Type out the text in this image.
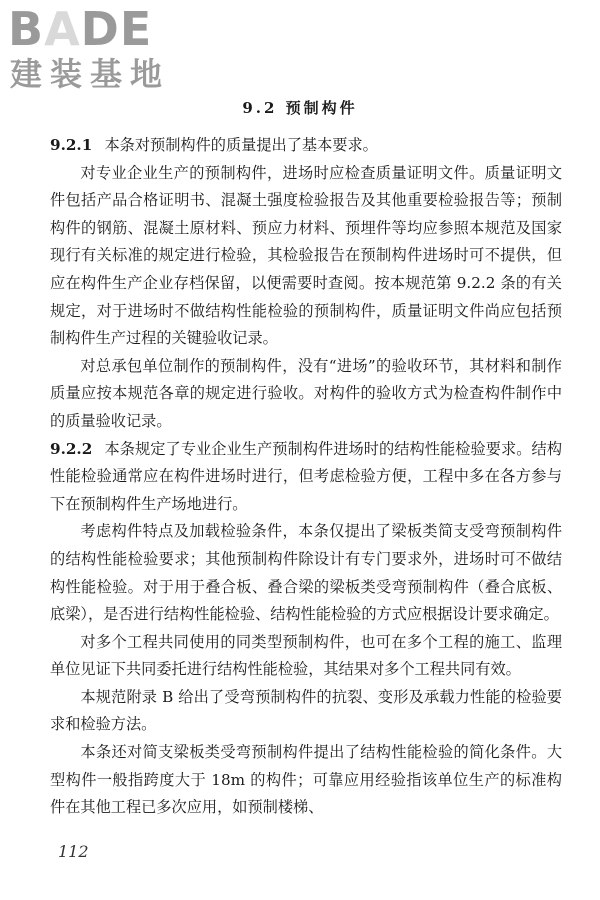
BADE
建装基地
9.2 预制构件

9.2.1 本条对预制构件的质量提出了基本要求。

对专业企业生产的预制构件，进场时应检查质量证明文件。质量证明文件包括产品合格证明书、混凝土强度检验报告及其他重要检验报告等；预制构件的钢筋、混凝土原材料、预应力材料、预埋件等均应参照本规范及国家现行有关标准的规定进行检验，其检验报告在预制构件进场时可不提供，但应在构件生产企业存档保留，以便需要时查阅。按本规范第 9.2.2 条的有关规定，对于进场时不做结构性能检验的预制构件，质量证明文件尚应包括预制构件生产过程的关键验收记录。

对总承包单位制作的预制构件，没有“进场”的验收环节，其材料和制作质量应按本规范各章的规定进行验收。对构件的验收方式为检查构件制作中的质量验收记录。

9.2.2 本条规定了专业企业生产预制构件进场时的结构性能检验要求。结构性能检验通常应在构件进场时进行，但考虑检验方便，工程中多在各方参与下在预制构件生产场地进行。

考虑构件特点及加载检验条件，本条仅提出了梁板类简支受弯预制构件的结构性能检验要求；其他预制构件除设计有专门要求外，进场时可不做结构性能检验。对于用于叠合板、叠合梁的梁板类受弯预制构件（叠合底板、底梁），是否进行结构性能检验、结构性能检验的方式应根据设计要求确定。

对多个工程共同使用的同类型预制构件，也可在多个工程的施工、监理单位见证下共同委托进行结构性能检验，其结果对多个工程共同有效。

本规范附录 B 给出了受弯预制构件的抗裂、变形及承载力性能的检验要求和检验方法。

本条还对简支梁板类受弯预制构件提出了结构性能检验的简化条件。大型构件一般指跨度大于 18m 的构件；可靠应用经验指该单位生产的标准构件在其他工程已多次应用，如预制楼梯、

112
